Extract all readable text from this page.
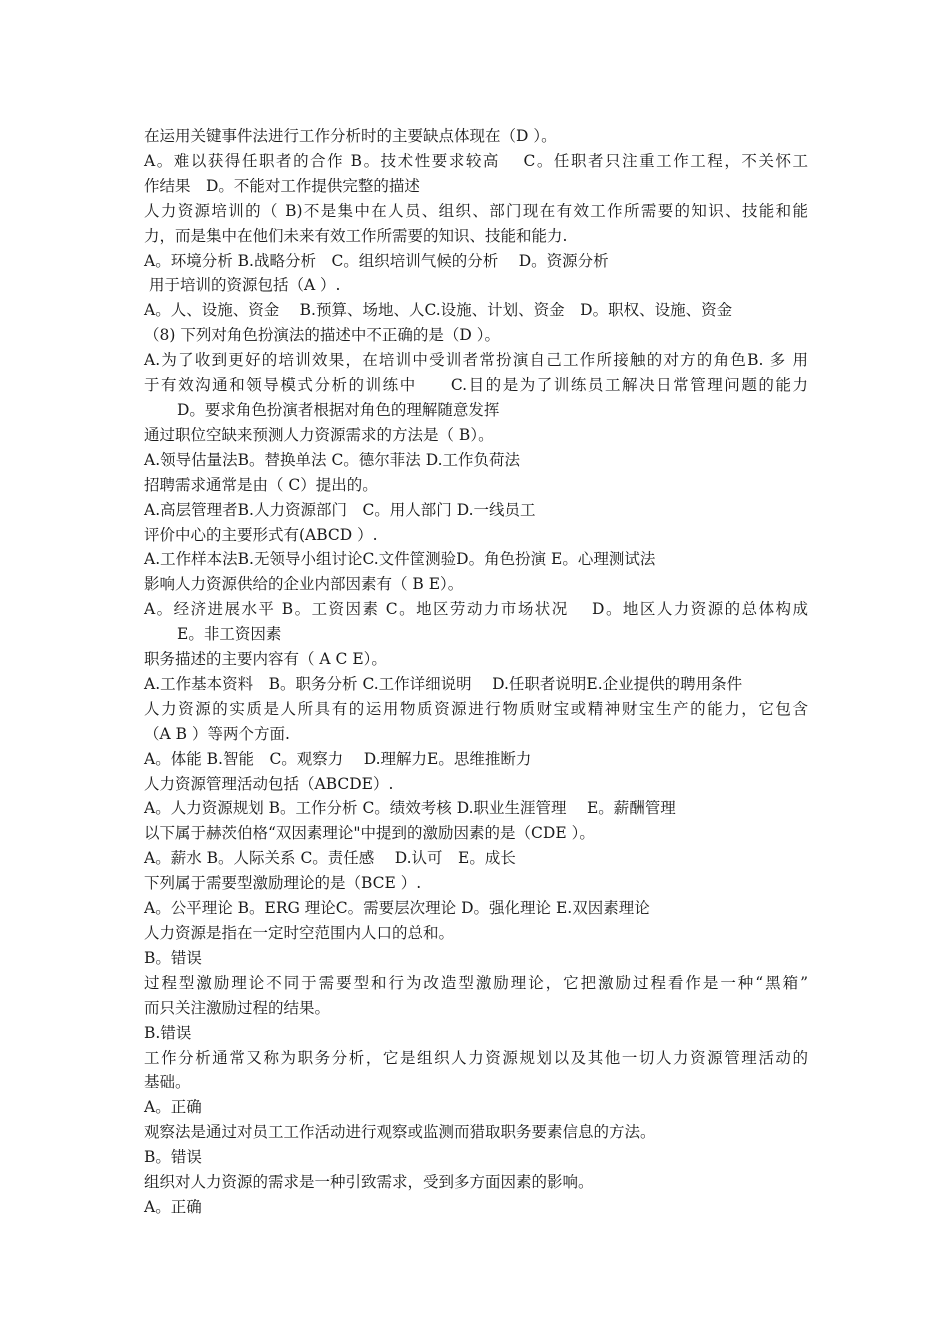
在运用关键事件法进行工作分析时的主要缺点体现在（D ）。

A。难以获得任职者的合作 B。技术性要求较高　 C。任职者只注重工作工程，不关怀工

作结果　D。不能对工作提供完整的描述

人力资源培训的（ B)不是集中在人员、组织、部门现在有效工作所需要的知识、技能和能

力，而是集中在他们未来有效工作所需要的知识、技能和能力.

A。环境分析 B.战略分析　C。组织培训气候的分析　 D。资源分析

用于培训的资源包括（A ）.

A。人、设施、资金　 B.预算、场地、人C.设施、计划、资金　D。职权、设施、资金

（8) 下列对角色扮演法的描述中不正确的是（D ）。

A.为了收到更好的培训效果，在培训中受训者常扮演自己工作所接触的对方的角色B. 多 用

于有效沟通和领导模式分析的训练中　　C.目的是为了训练员工解决日常管理问题的能力

D。要求角色扮演者根据对角色的理解随意发挥

通过职位空缺来预测人力资源需求的方法是（ B）。

A.领导估量法B。替换单法 C。德尔菲法 D.工作负荷法

招聘需求通常是由（ C）提出的。

A.高层管理者B.人力资源部门　C。用人部门 D.一线员工

评价中心的主要形式有(ABCD ）.

A.工作样本法B.无领导小组讨论C.文件筐测验D。角色扮演 E。心理测试法

影响人力资源供给的企业内部因素有（ B E）。

A。经济进展水平 B。工资因素 C。地区劳动力市场状况　 D。地区人力资源的总体构成

E。非工资因素

职务描述的主要内容有（ A C E）。

A.工作基本资料　B。职务分析 C.工作详细说明　 D.任职者说明E.企业提供的聘用条件

人力资源的实质是人所具有的运用物质资源进行物质财宝或精神财宝生产的能力，它包含

（A B ）等两个方面.

A。体能 B.智能　C。观察力　 D.理解力E。思维推断力

人力资源管理活动包括（ABCDE）.

A。人力资源规划 B。工作分析 C。绩效考核 D.职业生涯管理　 E。薪酬管理

以下属于赫茨伯格“双因素理论"中提到的激励因素的是（CDE ）。

A。薪水 B。人际关系 C。责任感　 D.认可　E。成长

下列属于需要型激励理论的是（BCE ）.

A。公平理论 B。ERG 理论C。需要层次理论 D。强化理论 E.双因素理论

人力资源是指在一定时空范围内人口的总和。

B。错误

过程型激励理论不同于需要型和行为改造型激励理论，它把激励过程看作是一种“黑箱”

而只关注激励过程的结果。

B.错误

工作分析通常又称为职务分析，它是组织人力资源规划以及其他一切人力资源管理活动的

基础。

A。正确

观察法是通过对员工工作活动进行观察或监测而猎取职务要素信息的方法。

B。错误

组织对人力资源的需求是一种引致需求，受到多方面因素的影响。

A。正确
